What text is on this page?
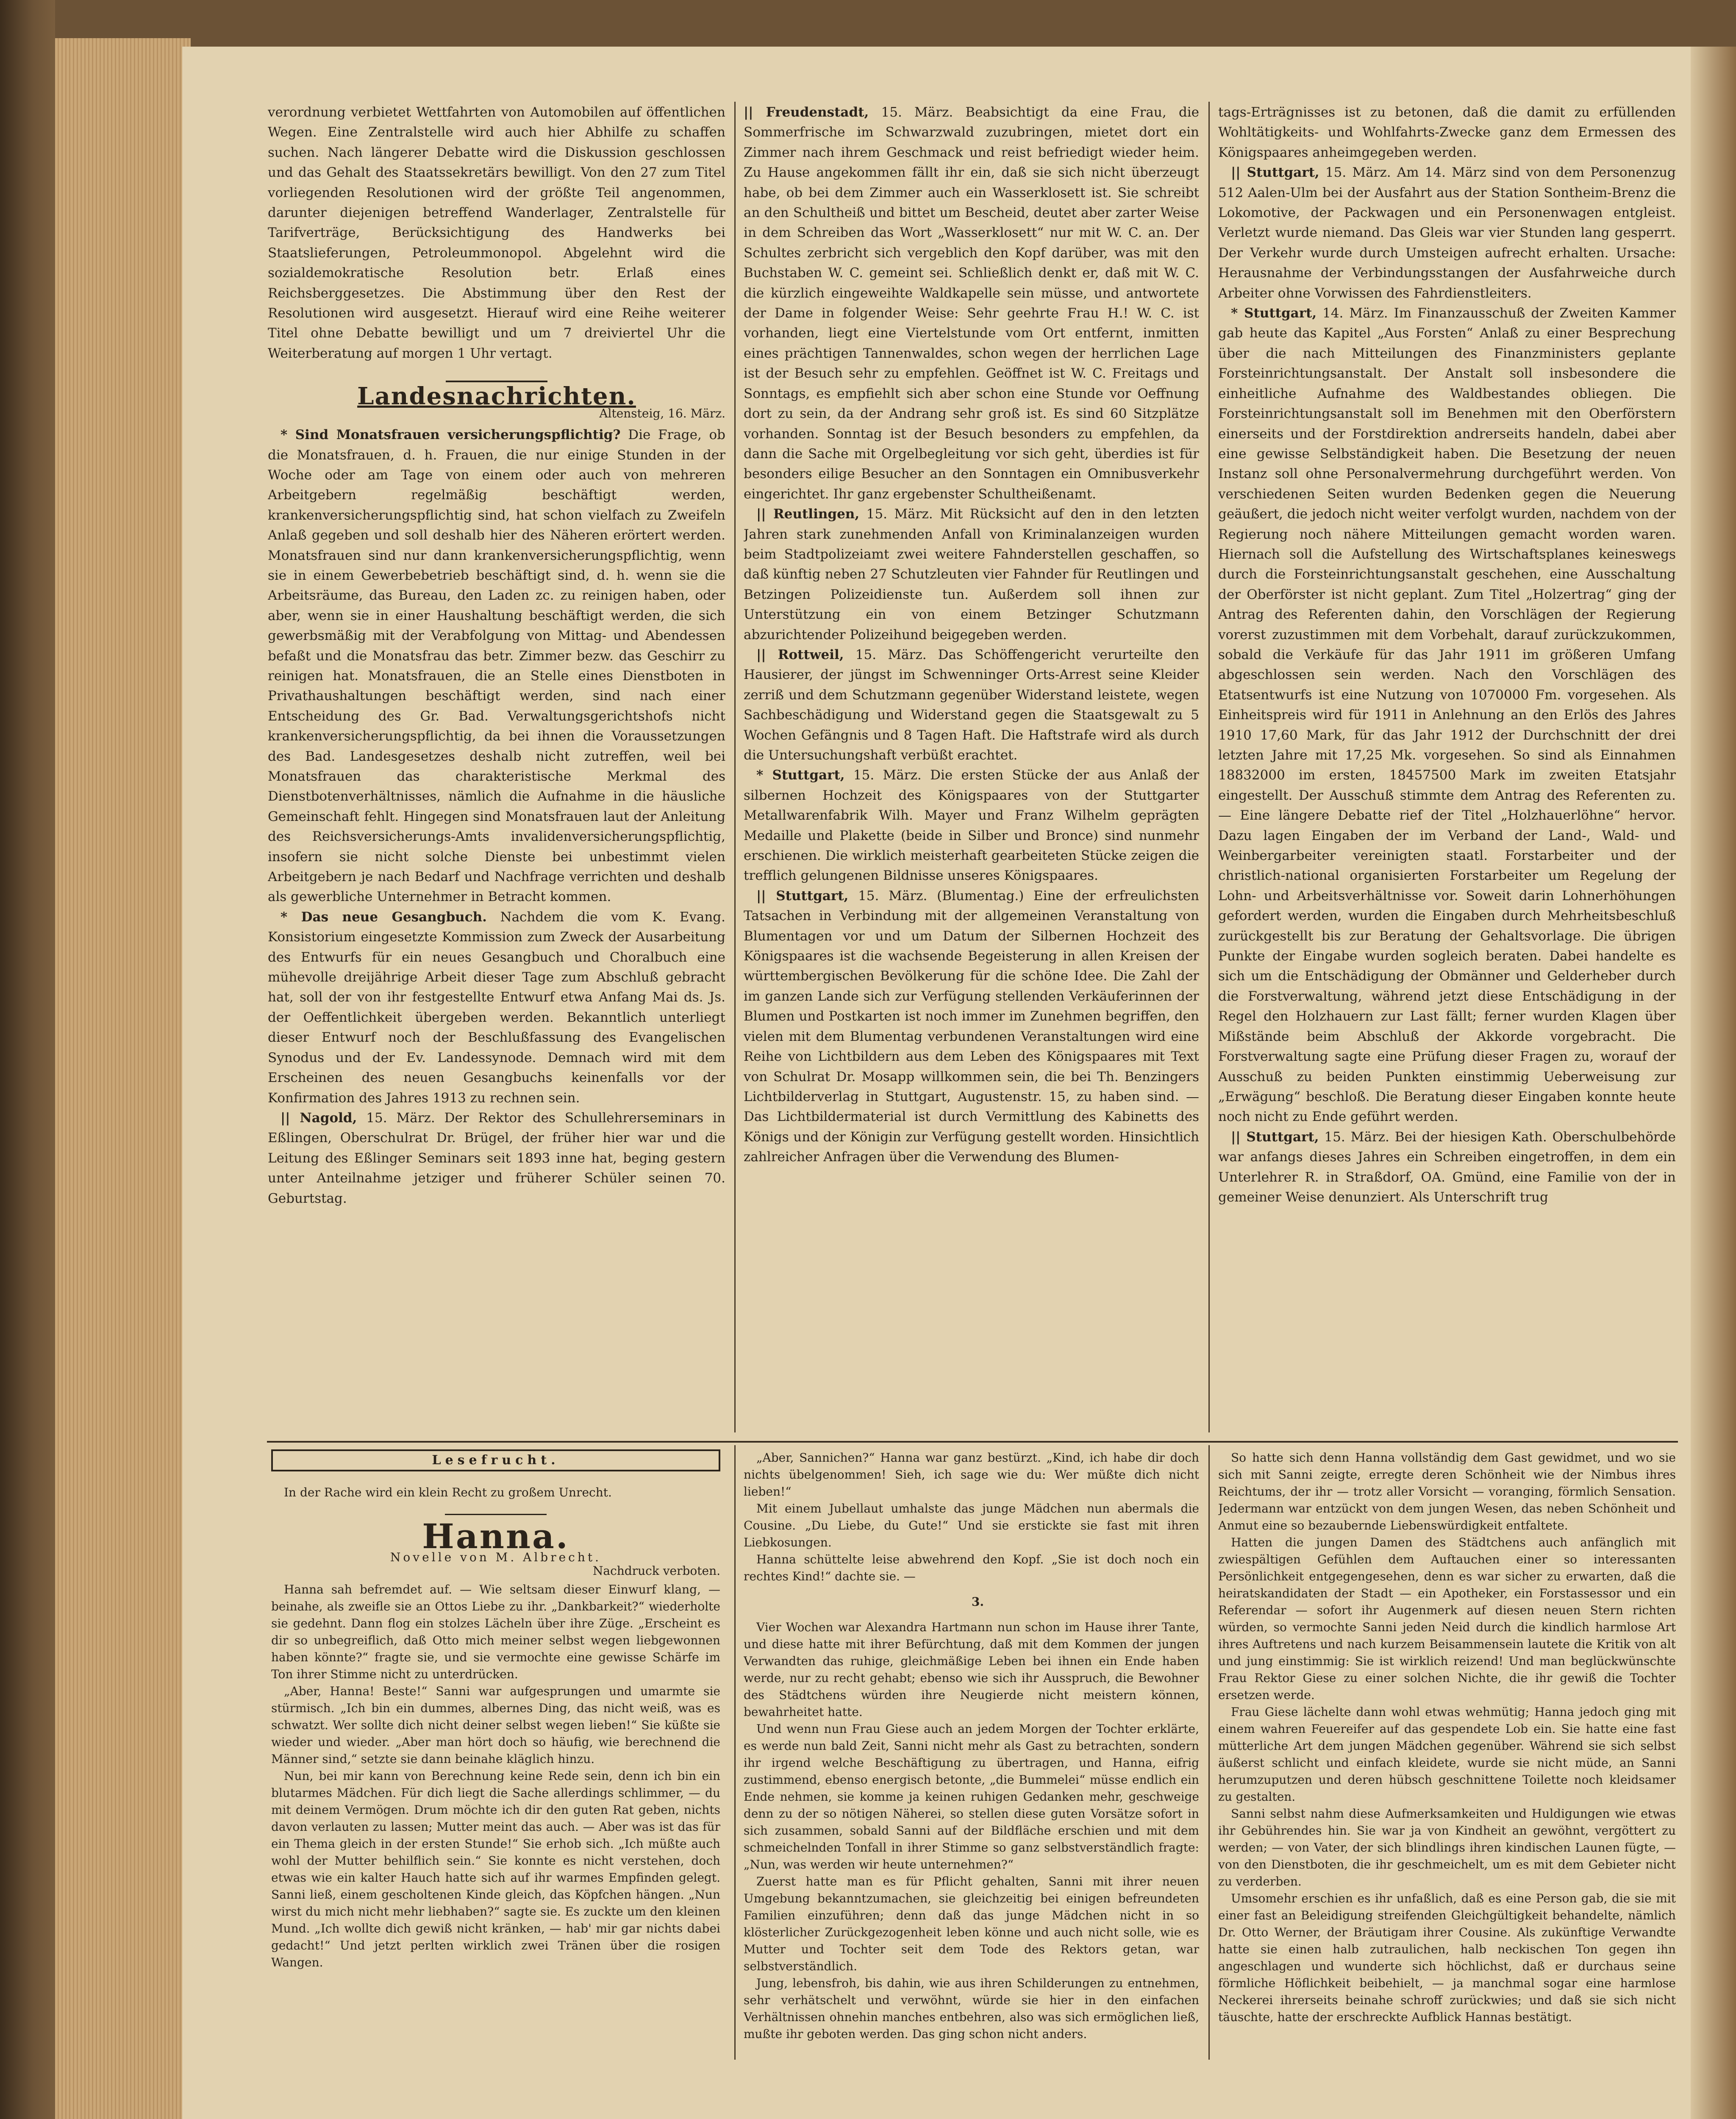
verordnung verbietet Wettfahrten von Automobilen auf öffentlichen Wegen. Eine Zentralstelle wird auch hier Abhilfe zu schaffen suchen. Nach längerer Debatte wird die Diskussion geschlossen und das Gehalt des Staatssekretärs bewilligt. Von den 27 zum Titel vorliegenden Resolutionen wird der größte Teil angenommen, darunter diejenigen betreffend Wanderlager, Zentralstelle für Tarifverträge, Berücksichtigung des Handwerks bei Staatslieferungen, Petroleummonopol. Abgelehnt wird die sozialdemokratische Resolution betr. Erlaß eines Reichsberggesetzes. Die Abstimmung über den Rest der Resolutionen wird ausgesetzt. Hierauf wird eine Reihe weiterer Titel ohne Debatte bewilligt und um 7 dreiviertel Uhr die Weiterberatung auf morgen 1 Uhr vertagt.

Landesnachrichten.
Altensteig, 16. März.

* Sind Monatsfrauen versicherungspflichtig? Die Frage, ob die Monatsfrauen, d. h. Frauen, die nur einige Stunden in der Woche oder am Tage von einem oder auch von mehreren Arbeitgebern regelmäßig beschäftigt werden, krankenversicherungspflichtig sind, hat schon vielfach zu Zweifeln Anlaß gegeben und soll deshalb hier des Näheren erörtert werden. Monatsfrauen sind nur dann krankenversicherungspflichtig, wenn sie in einem Gewerbebetrieb beschäftigt sind, d. h. wenn sie die Arbeitsräume, das Bureau, den Laden zc. zu reinigen haben, oder aber, wenn sie in einer Haushaltung beschäftigt werden, die sich gewerbsmäßig mit der Verabfolgung von Mittag- und Abendessen befaßt und die Monatsfrau das betr. Zimmer bezw. das Geschirr zu reinigen hat. Monatsfrauen, die an Stelle eines Dienstboten in Privathaushaltungen beschäftigt werden, sind nach einer Entscheidung des Gr. Bad. Verwaltungsgerichtshofs nicht krankenversicherungspflichtig, da bei ihnen die Voraussetzungen des Bad. Landesgesetzes deshalb nicht zutreffen, weil bei Monatsfrauen das charakteristische Merkmal des Dienstbotenverhältnisses, nämlich die Aufnahme in die häusliche Gemeinschaft fehlt. Hingegen sind Monatsfrauen laut der Anleitung des Reichsversicherungs-Amts invalidenversicherungspflichtig, insofern sie nicht solche Dienste bei unbestimmt vielen Arbeitgebern je nach Bedarf und Nachfrage verrichten und deshalb als gewerbliche Unternehmer in Betracht kommen.

* Das neue Gesangbuch. Nachdem die vom K. Evang. Konsistorium eingesetzte Kommission zum Zweck der Ausarbeitung des Entwurfs für ein neues Gesangbuch und Choralbuch eine mühevolle dreijährige Arbeit dieser Tage zum Abschluß gebracht hat, soll der von ihr festgestellte Entwurf etwa Anfang Mai ds. Js. der Oeffentlichkeit übergeben werden. Bekanntlich unterliegt dieser Entwurf noch der Beschlußfassung des Evangelischen Synodus und der Ev. Landessynode. Demnach wird mit dem Erscheinen des neuen Gesangbuchs keinenfalls vor der Konfirmation des Jahres 1913 zu rechnen sein.

|| Nagold, 15. März. Der Rektor des Schullehrerseminars in Eßlingen, Oberschulrat Dr. Brügel, der früher hier war und die Leitung des Eßlinger Seminars seit 1893 inne hat, beging gestern unter Anteilnahme jetziger und früherer Schüler seinen 70. Geburtstag.

|| Freudenstadt, 15. März. Beabsichtigt da eine Frau, die Sommerfrische im Schwarzwald zuzubringen, mietet dort ein Zimmer nach ihrem Geschmack und reist befriedigt wieder heim. Zu Hause angekommen fällt ihr ein, daß sie sich nicht überzeugt habe, ob bei dem Zimmer auch ein Wasserklosett ist. Sie schreibt an den Schultheiß und bittet um Bescheid, deutet aber zarter Weise in dem Schreiben das Wort „Wasserklosett“ nur mit W. C. an. Der Schultes zerbricht sich vergeblich den Kopf darüber, was mit den Buchstaben W. C. gemeint sei. Schließlich denkt er, daß mit W. C. die kürzlich eingeweihte Waldkapelle sein müsse, und antwortete der Dame in folgender Weise: Sehr geehrte Frau H.! W. C. ist vorhanden, liegt eine Viertelstunde vom Ort entfernt, inmitten eines prächtigen Tannenwaldes, schon wegen der herrlichen Lage ist der Besuch sehr zu empfehlen. Geöffnet ist W. C. Freitags und Sonntags, es empfiehlt sich aber schon eine Stunde vor Oeffnung dort zu sein, da der Andrang sehr groß ist. Es sind 60 Sitzplätze vorhanden. Sonntag ist der Besuch besonders zu empfehlen, da dann die Sache mit Orgelbegleitung vor sich geht, überdies ist für besonders eilige Besucher an den Sonntagen ein Omnibusverkehr eingerichtet. Ihr ganz ergebenster Schultheißenamt.

|| Reutlingen, 15. März. Mit Rücksicht auf den in den letzten Jahren stark zunehmenden Anfall von Kriminalanzeigen wurden beim Stadtpolizeiamt zwei weitere Fahnderstellen geschaffen, so daß künftig neben 27 Schutzleuten vier Fahnder für Reutlingen und Betzingen Polizeidienste tun. Außerdem soll ihnen zur Unterstützung ein von einem Betzinger Schutzmann abzurichtender Polizeihund beigegeben werden.

|| Rottweil, 15. März. Das Schöffengericht verurteilte den Hausierer, der jüngst im Schwenninger Orts-Arrest seine Kleider zerriß und dem Schutzmann gegenüber Widerstand leistete, wegen Sachbeschädigung und Widerstand gegen die Staatsgewalt zu 5 Wochen Gefängnis und 8 Tagen Haft. Die Haftstrafe wird als durch die Untersuchungshaft verbüßt erachtet.

* Stuttgart, 15. März. Die ersten Stücke der aus Anlaß der silbernen Hochzeit des Königspaares von der Stuttgarter Metallwarenfabrik Wilh. Mayer und Franz Wilhelm geprägten Medaille und Plakette (beide in Silber und Bronce) sind nunmehr erschienen. Die wirklich meisterhaft gearbeiteten Stücke zeigen die trefflich gelungenen Bildnisse unseres Königspaares.

|| Stuttgart, 15. März. (Blumentag.) Eine der erfreulichsten Tatsachen in Verbindung mit der allgemeinen Veranstaltung von Blumentagen vor und um Datum der Silbernen Hochzeit des Königspaares ist die wachsende Begeisterung in allen Kreisen der württembergischen Bevölkerung für die schöne Idee. Die Zahl der im ganzen Lande sich zur Verfügung stellenden Verkäuferinnen der Blumen und Postkarten ist noch immer im Zunehmen begriffen, den vielen mit dem Blumentag verbundenen Veranstaltungen wird eine Reihe von Lichtbildern aus dem Leben des Königspaares mit Text von Schulrat Dr. Mosapp willkommen sein, die bei Th. Benzingers Lichtbilderverlag in Stuttgart, Augustenstr. 15, zu haben sind. — Das Lichtbildermaterial ist durch Vermittlung des Kabinetts des Königs und der Königin zur Verfügung gestellt worden. Hinsichtlich zahlreicher Anfragen über die Verwendung des Blumen-

tags-Erträgnisses ist zu betonen, daß die damit zu erfüllenden Wohltätigkeits- und Wohlfahrts-Zwecke ganz dem Ermessen des Königspaares anheimgegeben werden.

|| Stuttgart, 15. März. Am 14. März sind von dem Personenzug 512 Aalen-Ulm bei der Ausfahrt aus der Station Sontheim-Brenz die Lokomotive, der Packwagen und ein Personenwagen entgleist. Verletzt wurde niemand. Das Gleis war vier Stunden lang gesperrt. Der Verkehr wurde durch Umsteigen aufrecht erhalten. Ursache: Herausnahme der Verbindungsstangen der Ausfahrweiche durch Arbeiter ohne Vorwissen des Fahrdienstleiters.

* Stuttgart, 14. März. Im Finanzausschuß der Zweiten Kammer gab heute das Kapitel „Aus Forsten“ Anlaß zu einer Besprechung über die nach Mitteilungen des Finanzministers geplante Forsteinrichtungsanstalt. Der Anstalt soll insbesondere die einheitliche Aufnahme des Waldbestandes obliegen. Die Forsteinrichtungsanstalt soll im Benehmen mit den Oberförstern einerseits und der Forstdirektion andrerseits handeln, dabei aber eine gewisse Selbständigkeit haben. Die Besetzung der neuen Instanz soll ohne Personalvermehrung durchgeführt werden. Von verschiedenen Seiten wurden Bedenken gegen die Neuerung geäußert, die jedoch nicht weiter verfolgt wurden, nachdem von der Regierung noch nähere Mitteilungen gemacht worden waren. Hiernach soll die Aufstellung des Wirtschaftsplanes keineswegs durch die Forsteinrichtungsanstalt geschehen, eine Ausschaltung der Oberförster ist nicht geplant. Zum Titel „Holzertrag“ ging der Antrag des Referenten dahin, den Vorschlägen der Regierung vorerst zuzustimmen mit dem Vorbehalt, darauf zurückzukommen, sobald die Verkäufe für das Jahr 1911 im größeren Umfang abgeschlossen sein werden. Nach den Vorschlägen des Etatsentwurfs ist eine Nutzung von 1070000 Fm. vorgesehen. Als Einheitspreis wird für 1911 in Anlehnung an den Erlös des Jahres 1910 17,60 Mark, für das Jahr 1912 der Durchschnitt der drei letzten Jahre mit 17,25 Mk. vorgesehen. So sind als Einnahmen 18832000 im ersten, 18457500 Mark im zweiten Etatsjahr eingestellt. Der Ausschuß stimmte dem Antrag des Referenten zu. — Eine längere Debatte rief der Titel „Holzhauerlöhne“ hervor. Dazu lagen Eingaben der im Verband der Land-, Wald- und Weinbergarbeiter vereinigten staatl. Forstarbeiter und der christlich-national organisierten Forstarbeiter um Regelung der Lohn- und Arbeitsverhältnisse vor. Soweit darin Lohnerhöhungen gefordert werden, wurden die Eingaben durch Mehrheitsbeschluß zurückgestellt bis zur Beratung der Gehaltsvorlage. Die übrigen Punkte der Eingabe wurden sogleich beraten. Dabei handelte es sich um die Entschädigung der Obmänner und Gelderheber durch die Forstverwaltung, während jetzt diese Entschädigung in der Regel den Holzhauern zur Last fällt; ferner wurden Klagen über Mißstände beim Abschluß der Akkorde vorgebracht. Die Forstverwaltung sagte eine Prüfung dieser Fragen zu, worauf der Ausschuß zu beiden Punkten einstimmig Ueberweisung zur „Erwägung“ beschloß. Die Beratung dieser Eingaben konnte heute noch nicht zu Ende geführt werden.

|| Stuttgart, 15. März. Bei der hiesigen Kath. Oberschulbehörde war anfangs dieses Jahres ein Schreiben eingetroffen, in dem ein Unterlehrer R. in Straßdorf, OA. Gmünd, eine Familie von der in gemeiner Weise denunziert. Als Unterschrift trug

Lesefrucht.

In der Rache wird ein klein Recht zu großem Unrecht.

Hanna.

Novelle von M. Albrecht.

Nachdruck verboten.

Hanna sah befremdet auf. — Wie seltsam dieser Einwurf klang, — beinahe, als zweifle sie an Ottos Liebe zu ihr. „Dankbarkeit?“ wiederholte sie gedehnt. Dann flog ein stolzes Lächeln über ihre Züge. „Erscheint es dir so unbegreiflich, daß Otto mich meiner selbst wegen liebgewonnen haben könnte?“ fragte sie, und sie vermochte eine gewisse Schärfe im Ton ihrer Stimme nicht zu unterdrücken.

„Aber, Hanna! Beste!“ Sanni war aufgesprungen und umarmte sie stürmisch. „Ich bin ein dummes, albernes Ding, das nicht weiß, was es schwatzt. Wer sollte dich nicht deiner selbst wegen lieben!“ Sie küßte sie wieder und wieder. „Aber man hört doch so häufig, wie berechnend die Männer sind,“ setzte sie dann beinahe kläglich hinzu.

Nun, bei mir kann von Berechnung keine Rede sein, denn ich bin ein blutarmes Mädchen. Für dich liegt die Sache allerdings schlimmer, — du mit deinem Vermögen. Drum möchte ich dir den guten Rat geben, nichts davon verlauten zu lassen; Mutter meint das auch. — Aber was ist das für ein Thema gleich in der ersten Stunde!“ Sie erhob sich. „Ich müßte auch wohl der Mutter behilflich sein.“ Sie konnte es nicht verstehen, doch etwas wie ein kalter Hauch hatte sich auf ihr warmes Empfinden gelegt. Sanni ließ, einem gescholtenen Kinde gleich, das Köpfchen hängen. „Nun wirst du mich nicht mehr liebhaben?“ sagte sie. Es zuckte um den kleinen Mund. „Ich wollte dich gewiß nicht kränken, — hab' mir gar nichts dabei gedacht!“ Und jetzt perlten wirklich zwei Tränen über die rosigen Wangen.

„Aber, Sannichen?“ Hanna war ganz bestürzt. „Kind, ich habe dir doch nichts übelgenommen! Sieh, ich sage wie du: Wer müßte dich nicht lieben!“

Mit einem Jubellaut umhalste das junge Mädchen nun abermals die Cousine. „Du Liebe, du Gute!“ Und sie erstickte sie fast mit ihren Liebkosungen.

Hanna schüttelte leise abwehrend den Kopf. „Sie ist doch noch ein rechtes Kind!“ dachte sie. —

3.

Vier Wochen war Alexandra Hartmann nun schon im Hause ihrer Tante, und diese hatte mit ihrer Befürchtung, daß mit dem Kommen der jungen Verwandten das ruhige, gleichmäßige Leben bei ihnen ein Ende haben werde, nur zu recht gehabt; ebenso wie sich ihr Ausspruch, die Bewohner des Städtchens würden ihre Neugierde nicht meistern können, bewahrheitet hatte.

Und wenn nun Frau Giese auch an jedem Morgen der Tochter erklärte, es werde nun bald Zeit, Sanni nicht mehr als Gast zu betrachten, sondern ihr irgend welche Beschäftigung zu übertragen, und Hanna, eifrig zustimmend, ebenso energisch betonte, „die Bummelei“ müsse endlich ein Ende nehmen, sie komme ja keinen ruhigen Gedanken mehr, geschweige denn zu der so nötigen Näherei, so stellen diese guten Vorsätze sofort in sich zusammen, sobald Sanni auf der Bildfläche erschien und mit dem schmeichelnden Tonfall in ihrer Stimme so ganz selbstverständlich fragte: „Nun, was werden wir heute unternehmen?“

Zuerst hatte man es für Pflicht gehalten, Sanni mit ihrer neuen Umgebung bekanntzumachen, sie gleichzeitig bei einigen befreundeten Familien einzuführen; denn daß das junge Mädchen nicht in so klösterlicher Zurückgezogenheit leben könne und auch nicht solle, wie es Mutter und Tochter seit dem Tode des Rektors getan, war selbstverständlich.

Jung, lebensfroh, bis dahin, wie aus ihren Schilderungen zu entnehmen, sehr verhätschelt und verwöhnt, würde sie hier in den einfachen Verhältnissen ohnehin manches entbehren, also was sich ermöglichen ließ, mußte ihr geboten werden. Das ging schon nicht anders.

So hatte sich denn Hanna vollständig dem Gast gewidmet, und wo sie sich mit Sanni zeigte, erregte deren Schönheit wie der Nimbus ihres Reichtums, der ihr — trotz aller Vorsicht — voranging, förmlich Sensation. Jedermann war entzückt von dem jungen Wesen, das neben Schönheit und Anmut eine so bezaubernde Liebenswürdigkeit entfaltete.

Hatten die jungen Damen des Städtchens auch anfänglich mit zwiespältigen Gefühlen dem Auftauchen einer so interessanten Persönlichkeit entgegengesehen, denn es war sicher zu erwarten, daß die heiratskandidaten der Stadt — ein Apotheker, ein Forstassessor und ein Referendar — sofort ihr Augenmerk auf diesen neuen Stern richten würden, so vermochte Sanni jeden Neid durch die kindlich harmlose Art ihres Auftretens und nach kurzem Beisammensein lautete die Kritik von alt und jung einstimmig: Sie ist wirklich reizend! Und man beglückwünschte Frau Rektor Giese zu einer solchen Nichte, die ihr gewiß die Tochter ersetzen werde.

Frau Giese lächelte dann wohl etwas wehmütig; Hanna jedoch ging mit einem wahren Feuereifer auf das gespendete Lob ein. Sie hatte eine fast mütterliche Art dem jungen Mädchen gegenüber. Während sie sich selbst äußerst schlicht und einfach kleidete, wurde sie nicht müde, an Sanni herumzuputzen und deren hübsch geschnittene Toilette noch kleidsamer zu gestalten.

Sanni selbst nahm diese Aufmerksamkeiten und Huldigungen wie etwas ihr Gebührendes hin. Sie war ja von Kindheit an gewöhnt, vergöttert zu werden; — von Vater, der sich blindlings ihren kindischen Launen fügte, — von den Dienstboten, die ihr geschmeichelt, um es mit dem Gebieter nicht zu verderben.

Umsomehr erschien es ihr unfaßlich, daß es eine Person gab, die sie mit einer fast an Beleidigung streifenden Gleichgültigkeit behandelte, nämlich Dr. Otto Werner, der Bräutigam ihrer Cousine. Als zukünftige Verwandte hatte sie einen halb zutraulichen, halb neckischen Ton gegen ihn angeschlagen und wunderte sich höchlichst, daß er durchaus seine förmliche Höflichkeit beibehielt, — ja manchmal sogar eine harmlose Neckerei ihrerseits beinahe schroff zurückwies; und daß sie sich nicht täuschte, hatte der erschreckte Aufblick Hannas bestätigt.
